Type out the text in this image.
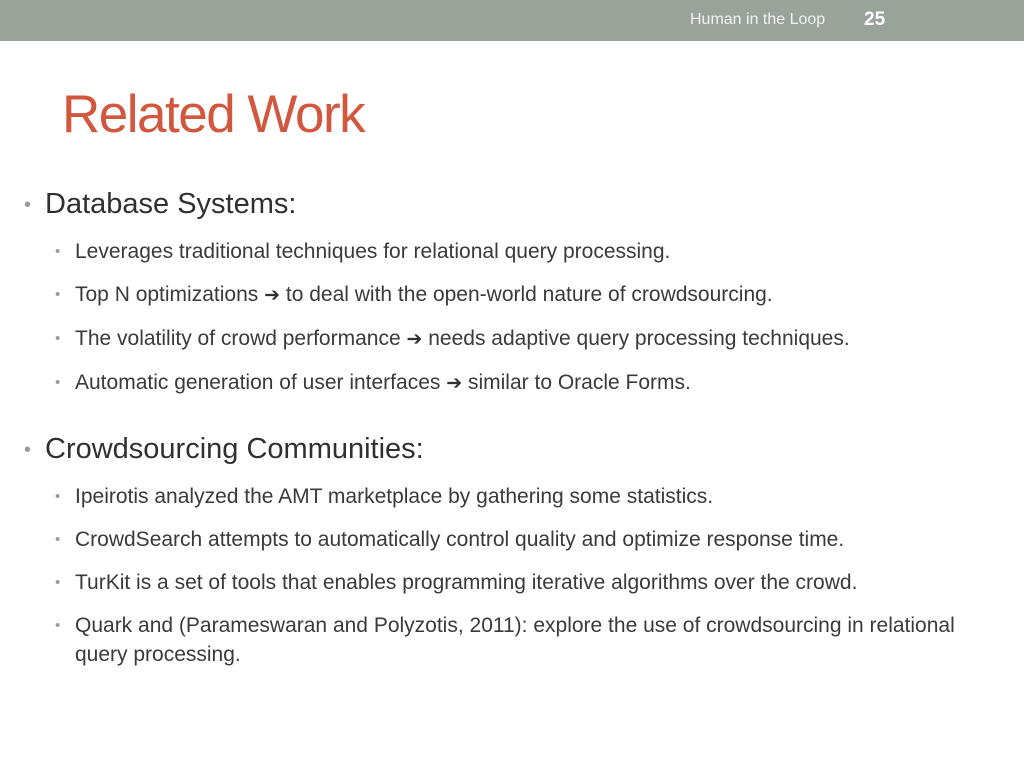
Human in the Loop 25
Related Work
• Database Systems:
• Leverages traditional techniques for relational query processing.
• Top N optimizations ➔ to deal with the open-world nature of crowdsourcing.
• The volatility of crowd performance ➔ needs adaptive query processing techniques.
• Automatic generation of user interfaces ➔ similar to Oracle Forms.
• Crowdsourcing Communities:
• Ipeirotis analyzed the AMT marketplace by gathering some statistics.
• CrowdSearch attempts to automatically control quality and optimize response time.
• TurKit is a set of tools that enables programming iterative algorithms over the crowd.
• Quark and (Parameswaran and Polyzotis, 2011): explore the use of crowdsourcing in relational query processing.
